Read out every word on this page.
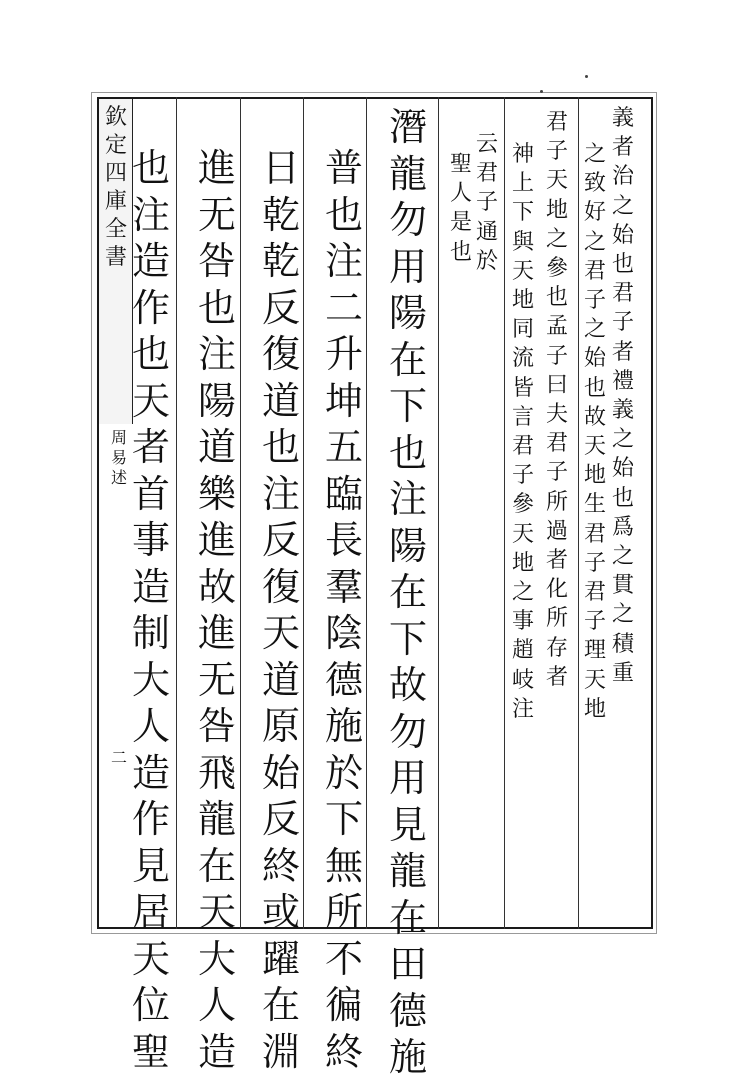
欽
定
四
庫
全
書
周
易
述
二
義
者
治
之
始
也
君
子
者
禮
義
之
始
也
爲
之
貫
之
積
重
之
致
好
之
君
子
之
始
也
故
天
地
生
君
子
君
子
理
天
地
君
子
天
地
之
參
也
孟
子
曰
夫
君
子
所
過
者
化
所
存
者
神
上
下
與
天
地
同
流
皆
言
君
子
參
天
地
之
事
趙
岐
注
云
君
子
通
於
聖
人
是
也
潛
龍
勿
用
陽
在
下
也
注
陽
在
下
故
勿
用
見
龍
在
田
德
施
普
也
注
二
升
坤
五
臨
長
羣
陰
德
施
於
下
無
所
不
徧
終
日
乾
乾
反
復
道
也
注
反
復
天
道
原
始
反
終
或
躍
在
淵
進
无
咎
也
注
陽
道
樂
進
故
進
无
咎
飛
龍
在
天
大
人
造
也
注
造
作
也
天
者
首
事
造
制
大
人
造
作
見
居
天
位
聖
